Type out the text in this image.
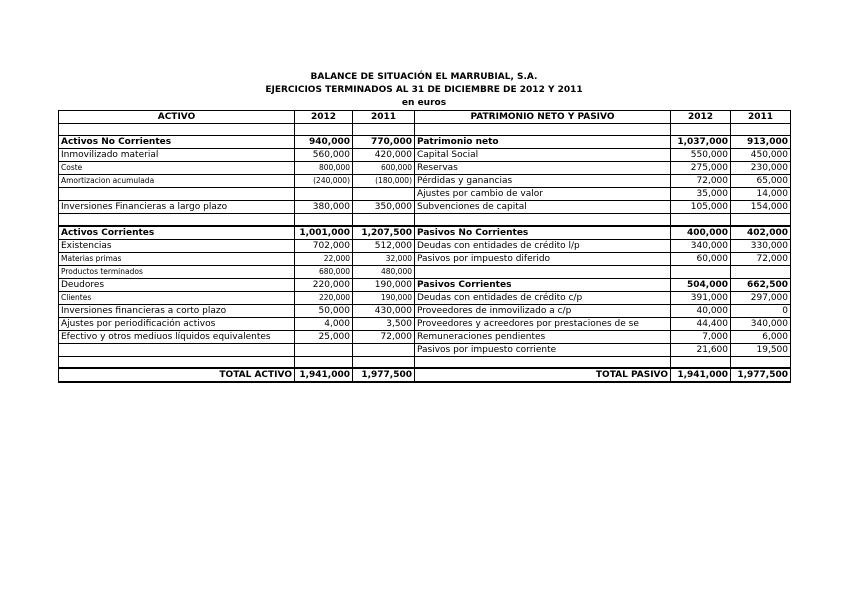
BALANCE DE SITUACIÓN EL MARRUBIAL, S.A.
EJERCICIOS TERMINADOS AL 31 DE DICIEMBRE DE 2012 Y 2011
en euros
ACTIVO	2012	2011	PATRIMONIO NETO Y PASIVO	2012	2011

Activos No Corrientes	940,000	770,000	Patrimonio neto	1,037,000	913,000
Inmovilizado material	560,000	420,000	Capital Social	550,000	450,000
Coste	800,000	600,000	Reservas	275,000	230,000
Amortizacion acumulada	(240,000)	(180,000)	Pérdidas y ganancias	72,000	65,000
			Ajustes por cambio de valor	35,000	14,000
Inversiones Financieras a largo plazo	380,000	350,000	Subvenciones de capital	105,000	154,000

Activos Corrientes	1,001,000	1,207,500	Pasivos No Corrientes	400,000	402,000
Existencias	702,000	512,000	Deudas con entidades de crédito l/p	340,000	330,000
Materias primas	22,000	32,000	Pasivos por impuesto diferido	60,000	72,000
Productos terminados	680,000	480,000			
Deudores	220,000	190,000	Pasivos Corrientes	504,000	662,500
Clientes	220,000	190,000	Deudas con entidades de crédito c/p	391,000	297,000
Inversiones financieras a corto plazo	50,000	430,000	Proveedores de inmovilizado a c/p	40,000	0
Ajustes por periodificación activos	4,000	3,500	Proveedores y acreedores por prestaciones de se	44,400	340,000
Efectivo y otros mediuos líquidos equivalentes	25,000	72,000	Remuneraciones pendientes	7,000	6,000
			Pasivos por impuesto corriente	21,600	19,500

TOTAL ACTIVO	1,941,000	1,977,500	TOTAL PASIVO	1,941,000	1,977,500
